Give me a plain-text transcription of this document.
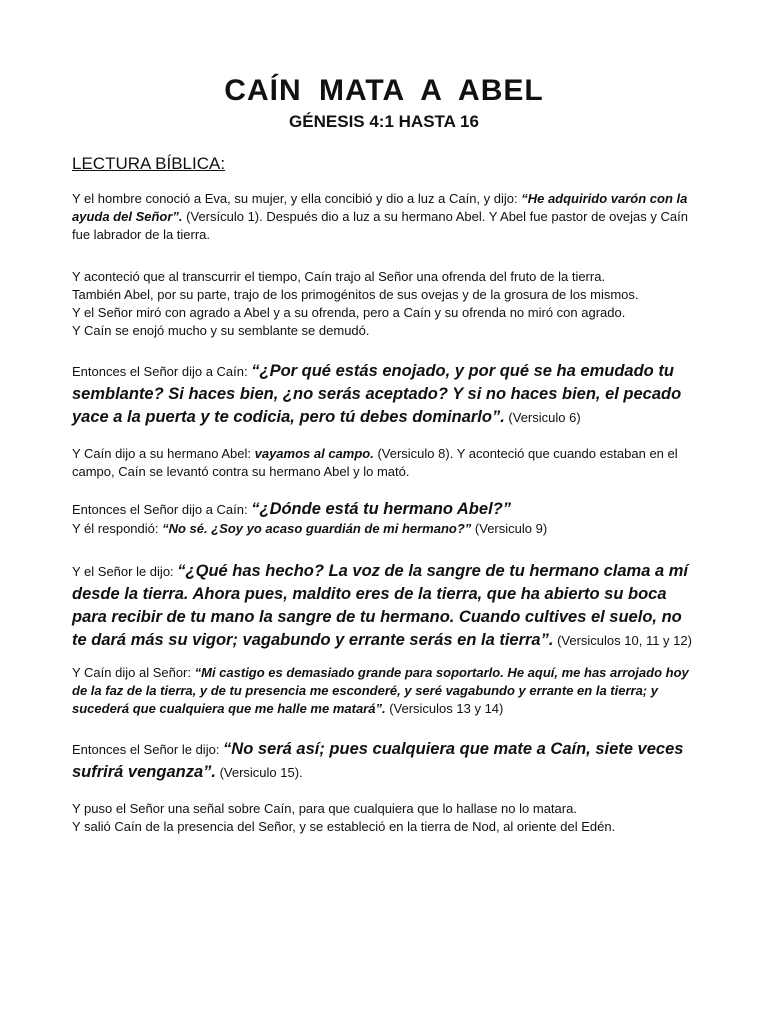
CAÍN MATA A ABEL
GÉNESIS 4:1 HASTA 16
LECTURA BÍBLICA:

Y el hombre conoció a Eva, su mujer, y ella concibió y dio a luz a Caín, y dijo: “He adquirido varón con la ayuda del Señor”. (Versículo 1). Después dio a luz a su hermano Abel. Y Abel fue pastor de ovejas y Caín fue labrador de la tierra.

Y aconteció que al transcurrir el tiempo, Caín trajo al Señor una ofrenda del fruto de la tierra.

También Abel, por su parte, trajo de los primogénitos de sus ovejas y de la grosura de los mismos.

Y el Señor miró con agrado a Abel y a su ofrenda, pero a Caín y su ofrenda no miró con agrado.

Y Caín se enojó mucho y su semblante se demudó.

Entonces el Señor dijo a Caín: “¿Por qué estás enojado, y por qué se ha emudado tu semblante? Si haces bien, ¿no serás aceptado? Y si no haces bien, el pecado yace a la puerta y te codicia, pero tú debes dominarlo”. (Versiculo 6)

Y Caín dijo a su hermano Abel: vayamos al campo. (Versiculo 8). Y aconteció que cuando estaban en el campo, Caín se levantó contra su hermano Abel y lo mató.

Entonces el Señor dijo a Caín: “¿Dónde está tu hermano Abel?”

Y él respondió: “No sé. ¿Soy yo acaso guardián de mi hermano?” (Versiculo 9)

Y el Señor le dijo: “¿Qué has hecho? La voz de la sangre de tu hermano clama a mí desde la tierra. Ahora pues, maldito eres de la tierra, que ha abierto su boca para recibir de tu mano la sangre de tu hermano. Cuando cultives el suelo, no te dará más su vigor; vagabundo y errante serás en la tierra”. (Versiculos 10, 11 y 12)

Y Caín dijo al Señor: “Mi castigo es demasiado grande para soportarlo. He aquí, me has arrojado hoy de la faz de la tierra, y de tu presencia me esconderé, y seré vagabundo y errante en la tierra; y sucederá que cualquiera que me halle me matará”. (Versiculos 13 y 14)

Entonces el Señor le dijo: “No será así; pues cualquiera que mate a Caín, siete veces sufrirá venganza”. (Versiculo 15).

Y puso el Señor una señal sobre Caín, para que cualquiera que lo hallase no lo matara.

Y salió Caín de la presencia del Señor, y se estableció en la tierra de Nod, al oriente del Edén.
